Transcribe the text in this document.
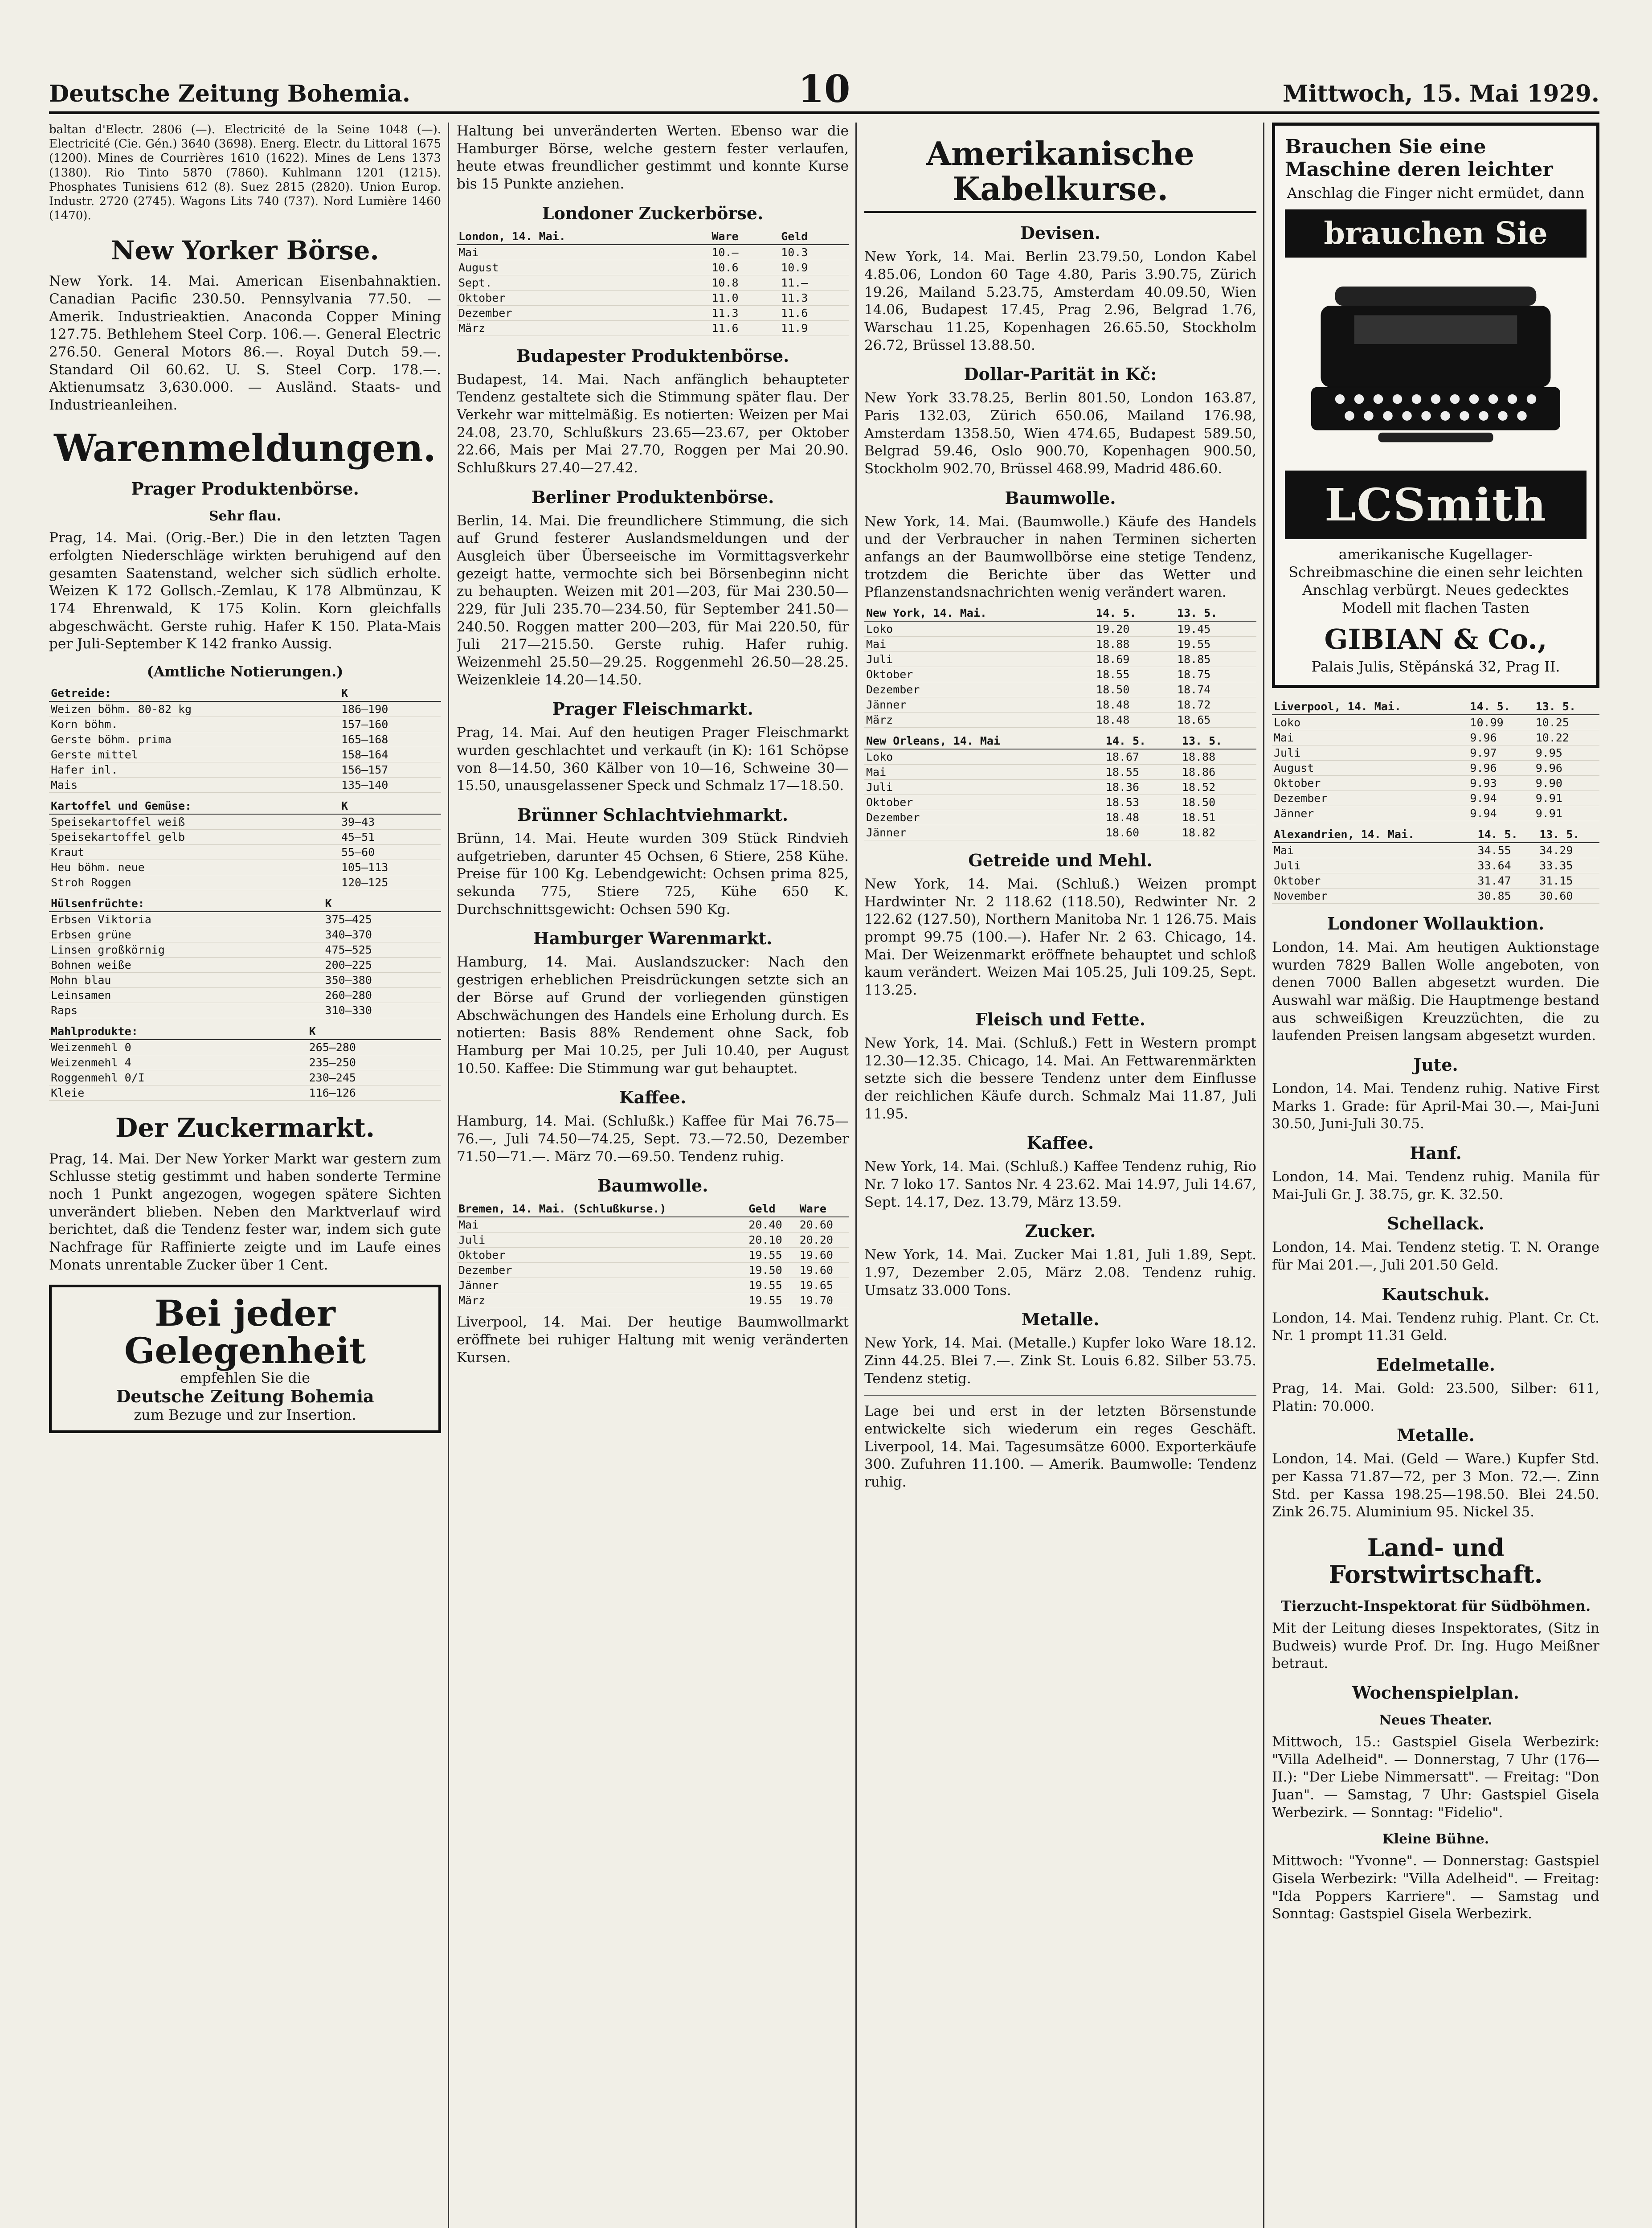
Deutsche Zeitung Bohemia.	10	Mittwoch, 15. Mai 1929.
baltan d'Electr. 2806 (—). Electricité de la Seine 1048 (—). Electricité (Cie. Gén.) 3640 (3698). Energ. Electr. du Littoral 1675 (1200). Mines de Courrières 1610 (1622). Mines de Lens 1373 (1380). Rio Tinto 5870 (7860). Kuhlmann 1201 (1215). Phosphates Tunisiens 612 (8). Suez 2815 (2820). Union Europ. Industr. 2720 (2745). Wagons Lits 740 (737). Nord Lumière 1460 (1470).
New Yorker Börse.
New York. 14. Mai. American Eisenbahnaktien. Canadian Pacific 230.50. Pennsylvania 77.50. — Amerik. Industrieaktien. Anaconda Copper Mining 127.75. Bethlehem Steel Corp. 106.—. General Electric 276.50. General Motors 86.—. Royal Dutch 59.—. Standard Oil 60.62. U. S. Steel Corp. 178.—. Aktienumsatz 3,630.000. — Ausländ. Staats- und Industrieanleihen.
Warenmeldungen.
Prager Produktenbörse.
Sehr flau.
Prag, 14. Mai. (Orig.-Ber.) Die in den letzten Tagen erfolgten Niederschläge wirkten beruhigend auf den gesamten Saatenstand, welcher sich südlich erholte. Weizen K 172 Gollsch.-Zemlau, K 178 Albmünzau, K 174 Ehrenwald, K 175 Kolin. Korn gleichfalls abgeschwächt. Gerste ruhig. Hafer K 150. Plata-Mais per Juli-September K 142 franko Aussig.
(Amtliche Notierungen.)
Getreide:	K
Weizen böhm. 80-82 kg	186—190
Korn böhm.	157—160
Gerste böhm. prima	165—168
Gerste mittel	158—164
Hafer inl.	156—157
Mais	135—140
Kartoffel und Gemüse:	K
Speisekartoffel weiß	39—43
Speisekartoffel gelb	45—51
Kraut	55—60
Heu böhm. neue	105—113
Stroh Roggen	120—125
Hülsenfrüchte:	K
Erbsen Viktoria	375—425
Erbsen grüne	340—370
Linsen großkörnig	475—525
Bohnen weiße	200—225
Mohn blau	350—380
Leinsamen	260—280
Raps	310—330
Mahlprodukte:	K
Weizenmehl 0	265—280
Weizenmehl 4	235—250
Roggenmehl 0/I	230—245
Kleie	116—126
Der Zuckermarkt.
Prag, 14. Mai. Der New Yorker Markt war gestern zum Schlusse stetig gestimmt und haben sonderte Termine noch 1 Punkt angezogen, wogegen spätere Sichten unverändert blieben. Neben den Marktverlauf wird berichtet, daß die Tendenz fester war, indem sich gute Nachfrage für Raffinierte zeigte und im Laufe eines Monats unrentable Zucker über 1 Cent.
Bei jeder Gelegenheit
empfehlen Sie die
Deutsche Zeitung Bohemia
zum Bezuge und zur Insertion.
Haltung bei unveränderten Werten. Ebenso war die Hamburger Börse, welche gestern fester verlaufen, heute etwas freundlicher gestimmt und konnte Kurse bis 15 Punkte anziehen.
Londoner Zuckerbörse.
London, 14. Mai.	Ware	Geld
Mai	10.—	10.3
August	10.6	10.9
Sept.	10.8	11.—
Oktober	11.0	11.3
Dezember	11.3	11.6
März	11.6	11.9
Budapester Produktenbörse.
Budapest, 14. Mai. Nach anfänglich behaupteter Tendenz gestaltete sich die Stimmung später flau. Der Verkehr war mittelmäßig. Es notierten: Weizen per Mai 24.08, 23.70, Schlußkurs 23.65—23.67, per Oktober 22.66, Mais per Mai 27.70, Roggen per Mai 20.90. Schlußkurs 27.40—27.42.
Berliner Produktenbörse.
Berlin, 14. Mai. Die freundlichere Stimmung, die sich auf Grund festerer Auslandsmeldungen und der Ausgleich über Überseeische im Vormittagsverkehr gezeigt hatte, vermochte sich bei Börsenbeginn nicht zu behaupten. Weizen mit 201—203, für Mai 230.50—229, für Juli 235.70—234.50, für September 241.50—240.50. Roggen matter 200—203, für Mai 220.50, für Juli 217—215.50. Gerste ruhig. Hafer ruhig. Weizenmehl 25.50—29.25. Roggenmehl 26.50—28.25. Weizenkleie 14.20—14.50.
Prager Fleischmarkt.
Prag, 14. Mai. Auf den heutigen Prager Fleischmarkt wurden geschlachtet und verkauft (in K): 161 Schöpse von 8—14.50, 360 Kälber von 10—16, Schweine 30—15.50, unausgelassener Speck und Schmalz 17—18.50.
Brünner Schlachtviehmarkt.
Brünn, 14. Mai. Heute wurden 309 Stück Rindvieh aufgetrieben, darunter 45 Ochsen, 6 Stiere, 258 Kühe. Preise für 100 Kg. Lebendgewicht: Ochsen prima 825, sekunda 775, Stiere 725, Kühe 650 K. Durchschnittsgewicht: Ochsen 590 Kg.
Hamburger Warenmarkt.
Hamburg, 14. Mai. Auslandszucker: Nach den gestrigen erheblichen Preisdrückungen setzte sich an der Börse auf Grund der vorliegenden günstigen Abschwächungen des Handels eine Erholung durch. Es notierten: Basis 88% Rendement ohne Sack, fob Hamburg per Mai 10.25, per Juli 10.40, per August 10.50. Kaffee: Die Stimmung war gut behauptet.
Kaffee.
Hamburg, 14. Mai. (Schlußk.) Kaffee für Mai 76.75—76.—, Juli 74.50—74.25, Sept. 73.—72.50, Dezember 71.50—71.—. März 70.—69.50. Tendenz ruhig.
Baumwolle.
Bremen, 14. Mai. (Schlußkurse.)	Geld	Ware
Mai	20.40	20.60
Juli	20.10	20.20
Oktober	19.55	19.60
Dezember	19.50	19.60
Jänner	19.55	19.65
März	19.55	19.70
Liverpool, 14. Mai. Der heutige Baumwollmarkt eröffnete bei ruhiger Haltung mit wenig veränderten Kursen.
Amerikanische Kabelkurse.
Devisen.
New York, 14. Mai. Berlin 23.79.50, London Kabel 4.85.06, London 60 Tage 4.80, Paris 3.90.75, Zürich 19.26, Mailand 5.23.75, Amsterdam 40.09.50, Wien 14.06, Budapest 17.45, Prag 2.96, Belgrad 1.76, Warschau 11.25, Kopenhagen 26.65.50, Stockholm 26.72, Brüssel 13.88.50.
Dollar-Parität in Kč:
New York 33.78.25, Berlin 801.50, London 163.87, Paris 132.03, Zürich 650.06, Mailand 176.98, Amsterdam 1358.50, Wien 474.65, Budapest 589.50, Belgrad 59.46, Oslo 900.70, Kopenhagen 900.50, Stockholm 902.70, Brüssel 468.99, Madrid 486.60.
Baumwolle.
New York, 14. Mai. (Baumwolle.) Käufe des Handels und der Verbraucher in nahen Terminen sicherten anfangs an der Baumwollbörse eine stetige Tendenz, trotzdem die Berichte über das Wetter und Pflanzenstandsnachrichten wenig verändert waren.
New York, 14. Mai.	14. 5.	13. 5.
Loko	19.20	19.45
Mai	18.88	19.55
Juli	18.69	18.85
Oktober	18.55	18.75
Dezember	18.50	18.74
Jänner	18.48	18.72
März	18.48	18.65
New Orleans, 14. Mai	14. 5.	13. 5.
Loko	18.67	18.88
Mai	18.55	18.86
Juli	18.36	18.52
Oktober	18.53	18.50
Dezember	18.48	18.51
Jänner	18.60	18.82
Getreide und Mehl.
New York, 14. Mai. (Schluß.) Weizen prompt Hardwinter Nr. 2 118.62 (118.50), Redwinter Nr. 2 122.62 (127.50), Northern Manitoba Nr. 1 126.75. Mais prompt 99.75 (100.—). Hafer Nr. 2 63. Chicago, 14. Mai. Der Weizenmarkt eröffnete behauptet und schloß kaum verändert. Weizen Mai 105.25, Juli 109.25, Sept. 113.25.
Fleisch und Fette.
New York, 14. Mai. (Schluß.) Fett in Western prompt 12.30—12.35. Chicago, 14. Mai. An Fettwarenmärkten setzte sich die bessere Tendenz unter dem Einflusse der reichlichen Käufe durch. Schmalz Mai 11.87, Juli 11.95.
Kaffee.
New York, 14. Mai. (Schluß.) Kaffee Tendenz ruhig, Rio Nr. 7 loko 17. Santos Nr. 4 23.62. Mai 14.97, Juli 14.67, Sept. 14.17, Dez. 13.79, März 13.59.
Zucker.
New York, 14. Mai. Zucker Mai 1.81, Juli 1.89, Sept. 1.97, Dezember 2.05, März 2.08. Tendenz ruhig. Umsatz 33.000 Tons.
Metalle.
New York, 14. Mai. (Metalle.) Kupfer loko Ware 18.12. Zinn 44.25. Blei 7.—. Zink St. Louis 6.82. Silber 53.75. Tendenz stetig.
Lage bei und erst in der letzten Börsenstunde entwickelte sich wiederum ein reges Geschäft. Liverpool, 14. Mai. Tagesumsätze 6000. Exporterkäufe 300. Zufuhren 11.100. — Amerik. Baumwolle: Tendenz ruhig.
Brauchen Sie eine Maschine deren leichter
Anschlag die Finger nicht ermüdet, dann
brauchen Sie
LCSmith
amerikanische Kugellager-Schreibmaschine die einen sehr leichten Anschlag verbürgt. Neues gedecktes Modell mit flachen Tasten
GIBIAN & Co.,
Palais Julis, Stěpánská 32, Prag II.
Liverpool, 14. Mai.	14. 5.	13. 5.
Loko	10.99	10.25
Mai	9.96	10.22
Juli	9.97	9.95
August	9.96	9.96
Oktober	9.93	9.90
Dezember	9.94	9.91
Jänner	9.94	9.91
Alexandrien, 14. Mai.	14. 5.	13. 5.
Mai	34.55	34.29
Juli	33.64	33.35
Oktober	31.47	31.15
November	30.85	30.60
Londoner Wollauktion.
London, 14. Mai. Am heutigen Auktionstage wurden 7829 Ballen Wolle angeboten, von denen 7000 Ballen abgesetzt wurden. Die Auswahl war mäßig. Die Hauptmenge bestand aus schweißigen Kreuzzüchten, die zu laufenden Preisen langsam abgesetzt wurden.
Jute.
London, 14. Mai. Tendenz ruhig. Native First Marks 1. Grade: für April-Mai 30.—, Mai-Juni 30.50, Juni-Juli 30.75.
Hanf.
London, 14. Mai. Tendenz ruhig. Manila für Mai-Juli Gr. J. 38.75, gr. K. 32.50.
Schellack.
London, 14. Mai. Tendenz stetig. T. N. Orange für Mai 201.—, Juli 201.50 Geld.
Kautschuk.
London, 14. Mai. Tendenz ruhig. Plant. Cr. Ct. Nr. 1 prompt 11.31 Geld.
Edelmetalle.
Prag, 14. Mai. Gold: 23.500, Silber: 611, Platin: 70.000.
Metalle.
London, 14. Mai. (Geld — Ware.) Kupfer Std. per Kassa 71.87—72, per 3 Mon. 72.—. Zinn Std. per Kassa 198.25—198.50. Blei 24.50. Zink 26.75. Aluminium 95. Nickel 35.
Land- und Forstwirtschaft.
Tierzucht-Inspektorat für Südböhmen.
Mit der Leitung dieses Inspektorates, (Sitz in Budweis) wurde Prof. Dr. Ing. Hugo Meißner betraut.
Wochenspielplan.
Neues Theater.
Mittwoch, 15.: Gastspiel Gisela Werbezirk: "Villa Adelheid". — Donnerstag, 7 Uhr (176—II.): "Der Liebe Nimmersatt". — Freitag: "Don Juan". — Samstag, 7 Uhr: Gastspiel Gisela Werbezirk. — Sonntag: "Fidelio".
Kleine Bühne.
Mittwoch: "Yvonne". — Donnerstag: Gastspiel Gisela Werbezirk: "Villa Adelheid". — Freitag: "Ida Poppers Karriere". — Samstag und Sonntag: Gastspiel Gisela Werbezirk.
